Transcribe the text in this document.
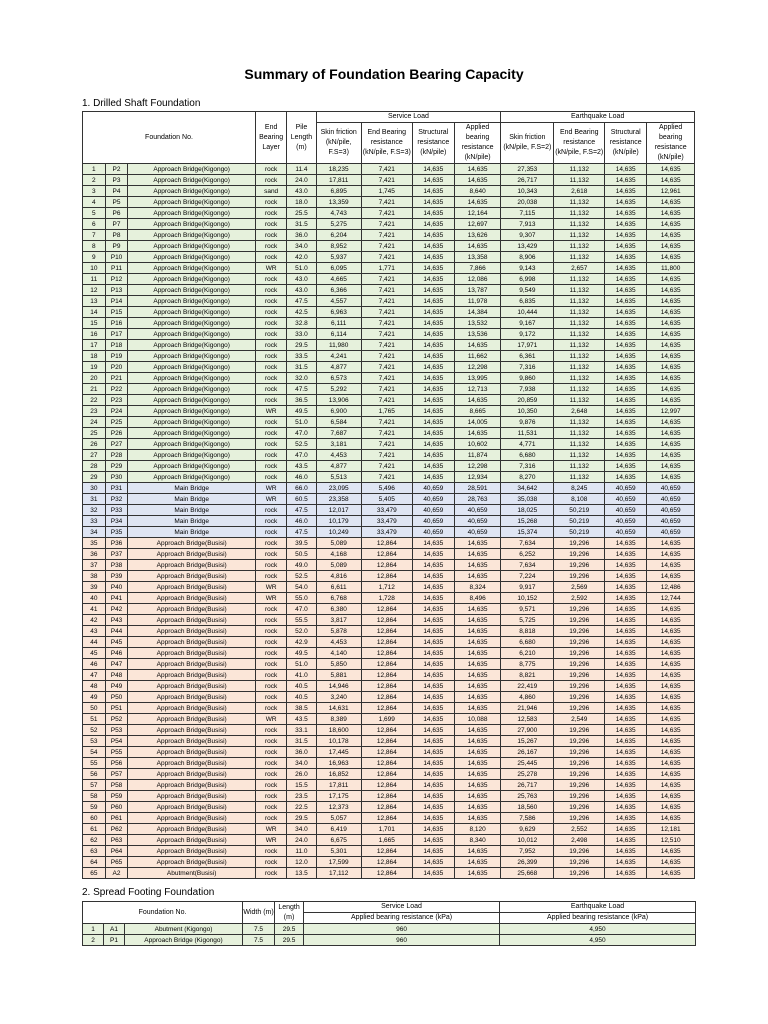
Summary of Foundation Bearing Capacity
1. Drilled Shaft Foundation
Foundation No.			End Bearing Layer	Pile Length (m)	Service Load				Earthquake Load			
					Skin friction (kN/pile, F.S=3)	End Bearing resistance (kN/pile, F.S=3)	Structural resistance (kN/pile)	Applied bearing resistance (kN/pile)	Skin friction (kN/pile, F.S=2)	End Bearing resistance (kN/pile, F.S=2)	Structural resistance (kN/pile)	Applied bearing resistance (kN/pile)
1	P2	Approach Bridge(Kigongo)	rock	11.4	18,235	7,421	14,635	14,635	27,353	11,132	14,635	14,635
2	P3	Approach Bridge(Kigongo)	rock	24.0	17,811	7,421	14,635	14,635	26,717	11,132	14,635	14,635
3	P4	Approach Bridge(Kigongo)	sand	43.0	6,895	1,745	14,635	8,640	10,343	2,618	14,635	12,961
4	P5	Approach Bridge(Kigongo)	rock	18.0	13,359	7,421	14,635	14,635	20,038	11,132	14,635	14,635
5	P6	Approach Bridge(Kigongo)	rock	25.5	4,743	7,421	14,635	12,164	7,115	11,132	14,635	14,635
6	P7	Approach Bridge(Kigongo)	rock	31.5	5,275	7,421	14,635	12,697	7,913	11,132	14,635	14,635
7	P8	Approach Bridge(Kigongo)	rock	36.0	6,204	7,421	14,635	13,626	9,307	11,132	14,635	14,635
8	P9	Approach Bridge(Kigongo)	rock	34.0	8,952	7,421	14,635	14,635	13,429	11,132	14,635	14,635
9	P10	Approach Bridge(Kigongo)	rock	42.0	5,937	7,421	14,635	13,358	8,906	11,132	14,635	14,635
10	P11	Approach Bridge(Kigongo)	WR	51.0	6,095	1,771	14,635	7,866	9,143	2,657	14,635	11,800
11	P12	Approach Bridge(Kigongo)	rock	43.0	4,665	7,421	14,635	12,086	6,998	11,132	14,635	14,635
12	P13	Approach Bridge(Kigongo)	rock	43.0	6,366	7,421	14,635	13,787	9,549	11,132	14,635	14,635
13	P14	Approach Bridge(Kigongo)	rock	47.5	4,557	7,421	14,635	11,978	6,835	11,132	14,635	14,635
14	P15	Approach Bridge(Kigongo)	rock	42.5	6,963	7,421	14,635	14,384	10,444	11,132	14,635	14,635
15	P16	Approach Bridge(Kigongo)	rock	32.8	6,111	7,421	14,635	13,532	9,167	11,132	14,635	14,635
16	P17	Approach Bridge(Kigongo)	rock	33.0	6,114	7,421	14,635	13,536	9,172	11,132	14,635	14,635
17	P18	Approach Bridge(Kigongo)	rock	29.5	11,980	7,421	14,635	14,635	17,971	11,132	14,635	14,635
18	P19	Approach Bridge(Kigongo)	rock	33.5	4,241	7,421	14,635	11,662	6,361	11,132	14,635	14,635
19	P20	Approach Bridge(Kigongo)	rock	31.5	4,877	7,421	14,635	12,298	7,316	11,132	14,635	14,635
20	P21	Approach Bridge(Kigongo)	rock	32.0	6,573	7,421	14,635	13,995	9,860	11,132	14,635	14,635
21	P22	Approach Bridge(Kigongo)	rock	47.5	5,292	7,421	14,635	12,713	7,938	11,132	14,635	14,635
22	P23	Approach Bridge(Kigongo)	rock	36.5	13,906	7,421	14,635	14,635	20,859	11,132	14,635	14,635
23	P24	Approach Bridge(Kigongo)	WR	49.5	6,900	1,765	14,635	8,665	10,350	2,648	14,635	12,997
24	P25	Approach Bridge(Kigongo)	rock	51.0	6,584	7,421	14,635	14,005	9,876	11,132	14,635	14,635
25	P26	Approach Bridge(Kigongo)	rock	47.0	7,687	7,421	14,635	14,635	11,531	11,132	14,635	14,635
26	P27	Approach Bridge(Kigongo)	rock	52.5	3,181	7,421	14,635	10,602	4,771	11,132	14,635	14,635
27	P28	Approach Bridge(Kigongo)	rock	47.0	4,453	7,421	14,635	11,874	6,680	11,132	14,635	14,635
28	P29	Approach Bridge(Kigongo)	rock	43.5	4,877	7,421	14,635	12,298	7,316	11,132	14,635	14,635
29	P30	Approach Bridge(Kigongo)	rock	46.0	5,513	7,421	14,635	12,934	8,270	11,132	14,635	14,635
30	P31	Main Bridge	WR	66.0	23,095	5,496	40,659	28,591	34,642	8,245	40,659	40,659
31	P32	Main Bridge	WR	60.5	23,358	5,405	40,659	28,763	35,038	8,108	40,659	40,659
32	P33	Main Bridge	rock	47.5	12,017	33,479	40,659	40,659	18,025	50,219	40,659	40,659
33	P34	Main Bridge	rock	46.0	10,179	33,479	40,659	40,659	15,268	50,219	40,659	40,659
34	P35	Main Bridge	rock	47.5	10,249	33,479	40,659	40,659	15,374	50,219	40,659	40,659
35	P36	Approach Bridge(Busisi)	rock	39.5	5,089	12,864	14,635	14,635	7,634	19,296	14,635	14,635
36	P37	Approach Bridge(Busisi)	rock	50.5	4,168	12,864	14,635	14,635	6,252	19,296	14,635	14,635
37	P38	Approach Bridge(Busisi)	rock	49.0	5,089	12,864	14,635	14,635	7,634	19,296	14,635	14,635
38	P39	Approach Bridge(Busisi)	rock	52.5	4,816	12,864	14,635	14,635	7,224	19,296	14,635	14,635
39	P40	Approach Bridge(Busisi)	WR	54.0	6,611	1,712	14,635	8,324	9,917	2,569	14,635	12,486
40	P41	Approach Bridge(Busisi)	WR	55.0	6,768	1,728	14,635	8,496	10,152	2,592	14,635	12,744
41	P42	Approach Bridge(Busisi)	rock	47.0	6,380	12,864	14,635	14,635	9,571	19,296	14,635	14,635
42	P43	Approach Bridge(Busisi)	rock	55.5	3,817	12,864	14,635	14,635	5,725	19,296	14,635	14,635
43	P44	Approach Bridge(Busisi)	rock	52.0	5,878	12,864	14,635	14,635	8,818	19,296	14,635	14,635
44	P45	Approach Bridge(Busisi)	rock	42.9	4,453	12,864	14,635	14,635	6,680	19,296	14,635	14,635
45	P46	Approach Bridge(Busisi)	rock	49.5	4,140	12,864	14,635	14,635	6,210	19,296	14,635	14,635
46	P47	Approach Bridge(Busisi)	rock	51.0	5,850	12,864	14,635	14,635	8,775	19,296	14,635	14,635
47	P48	Approach Bridge(Busisi)	rock	41.0	5,881	12,864	14,635	14,635	8,821	19,296	14,635	14,635
48	P49	Approach Bridge(Busisi)	rock	40.5	14,946	12,864	14,635	14,635	22,419	19,296	14,635	14,635
49	P50	Approach Bridge(Busisi)	rock	40.5	3,240	12,864	14,635	14,635	4,860	19,296	14,635	14,635
50	P51	Approach Bridge(Busisi)	rock	38.5	14,631	12,864	14,635	14,635	21,946	19,296	14,635	14,635
51	P52	Approach Bridge(Busisi)	WR	43.5	8,389	1,699	14,635	10,088	12,583	2,549	14,635	14,635
52	P53	Approach Bridge(Busisi)	rock	33.1	18,600	12,864	14,635	14,635	27,900	19,296	14,635	14,635
53	P54	Approach Bridge(Busisi)	rock	31.5	10,178	12,864	14,635	14,635	15,267	19,296	14,635	14,635
54	P55	Approach Bridge(Busisi)	rock	36.0	17,445	12,864	14,635	14,635	26,167	19,296	14,635	14,635
55	P56	Approach Bridge(Busisi)	rock	34.0	16,963	12,864	14,635	14,635	25,445	19,296	14,635	14,635
56	P57	Approach Bridge(Busisi)	rock	26.0	16,852	12,864	14,635	14,635	25,278	19,296	14,635	14,635
57	P58	Approach Bridge(Busisi)	rock	15.5	17,811	12,864	14,635	14,635	26,717	19,296	14,635	14,635
58	P59	Approach Bridge(Busisi)	rock	23.5	17,175	12,864	14,635	14,635	25,763	19,296	14,635	14,635
59	P60	Approach Bridge(Busisi)	rock	22.5	12,373	12,864	14,635	14,635	18,560	19,296	14,635	14,635
60	P61	Approach Bridge(Busisi)	rock	29.5	5,057	12,864	14,635	14,635	7,586	19,296	14,635	14,635
61	P62	Approach Bridge(Busisi)	WR	34.0	6,419	1,701	14,635	8,120	9,629	2,552	14,635	12,181
62	P63	Approach Bridge(Busisi)	WR	24.0	6,675	1,665	14,635	8,340	10,012	2,498	14,635	12,510
63	P64	Approach Bridge(Busisi)	rock	11.0	5,301	12,864	14,635	14,635	7,952	19,296	14,635	14,635
64	P65	Approach Bridge(Busisi)	rock	12.0	17,599	12,864	14,635	14,635	26,399	19,296	14,635	14,635
65	A2	Abutment(Busisi)	rock	13.5	17,112	12,864	14,635	14,635	25,668	19,296	14,635	14,635
2. Spread Footing Foundation
Foundation No.			Width (m)	Length (m)	Service Load	Earthquake Load
					Applied bearing resistance (kPa)	Applied bearing resistance (kPa)
1	A1	Abutment (Kigongo)	7.5	29.5	960	4,950
2	P1	Approach Bridge (Kigongo)	7.5	29.5	960	4,950
